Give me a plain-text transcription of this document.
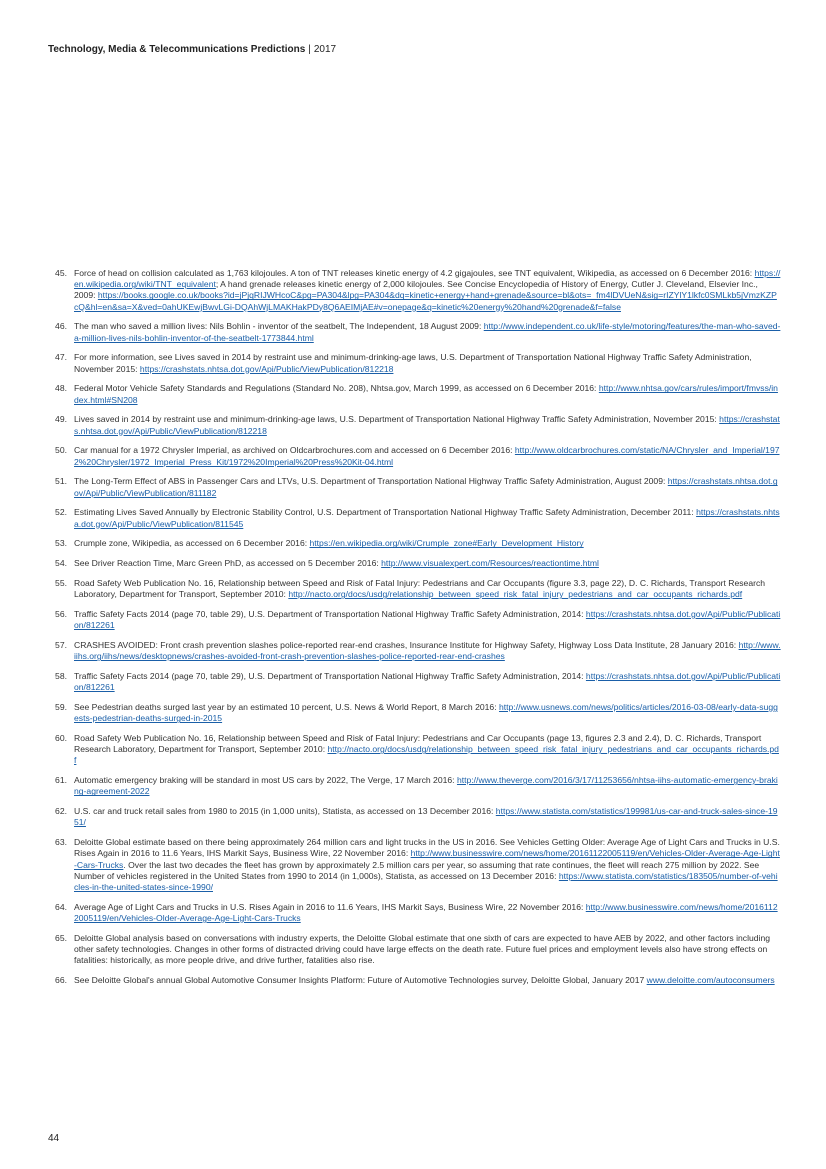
Technology, Media & Telecommunications Predictions | 2017
45. Force of head on collision calculated as 1,763 kilojoules. A ton of TNT releases kinetic energy of 4.2 gigajoules, see TNT equivalent, Wikipedia, as accessed on 6 December 2016: https://en.wikipedia.org/wiki/TNT_equivalent; A hand grenade releases kinetic energy of 2,000 kilojoules. See Concise Encyclopedia of History of Energy, Cutler J. Cleveland, Elsevier Inc., 2009: https://books.google.co.uk/books?id=jPjqRIJWHcoC&pg=PA304&lpg=PA304&dq=kinetic+energy+hand+grenade&source=bl&ots=_fm4lDVUeN&sig=rIZYlY1lkfc0SMLkb5jVmzKZPcQ&hl=en&sa=X&ved=0ahUKEwjBwvLGi-DQAhWjLMAKHakPDy8Q6AEIMjAE#v=onepage&q=kinetic%20energy%20hand%20grenade&f=false
46. The man who saved a million lives: Nils Bohlin - inventor of the seatbelt, The Independent, 18 August 2009: http://www.independent.co.uk/life-style/motoring/features/the-man-who-saved-a-million-lives-nils-bohlin-inventor-of-the-seatbelt-1773844.html
47. For more information, see Lives saved in 2014 by restraint use and minimum-drinking-age laws, U.S. Department of Transportation National Highway Traffic Safety Administration, November 2015: https://crashstats.nhtsa.dot.gov/Api/Public/ViewPublication/812218
48. Federal Motor Vehicle Safety Standards and Regulations (Standard No. 208), Nhtsa.gov, March 1999, as accessed on 6 December 2016: http://www.nhtsa.gov/cars/rules/import/fmvss/index.html#SN208
49. Lives saved in 2014 by restraint use and minimum-drinking-age laws, U.S. Department of Transportation National Highway Traffic Safety Administration, November 2015: https://crashstats.nhtsa.dot.gov/Api/Public/ViewPublication/812218
50. Car manual for a 1972 Chrysler Imperial, as archived on Oldcarbrochures.com and accessed on 6 December 2016: http://www.oldcarbrochures.com/static/NA/Chrysler_and_Imperial/1972%20Chrysler/1972_Imperial_Press_Kit/1972%20Imperial%20Press%20Kit-04.html
51. The Long-Term Effect of ABS in Passenger Cars and LTVs, U.S. Department of Transportation National Highway Traffic Safety Administration, August 2009: https://crashstats.nhtsa.dot.gov/Api/Public/ViewPublication/811182
52. Estimating Lives Saved Annually by Electronic Stability Control, U.S. Department of Transportation National Highway Traffic Safety Administration, December 2011: https://crashstats.nhtsa.dot.gov/Api/Public/ViewPublication/811545
53. Crumple zone, Wikipedia, as accessed on 6 December 2016: https://en.wikipedia.org/wiki/Crumple_zone#Early_Development_History
54. See Driver Reaction Time, Marc Green PhD, as accessed on 5 December 2016: http://www.visualexpert.com/Resources/reactiontime.html
55. Road Safety Web Publication No. 16, Relationship between Speed and Risk of Fatal Injury: Pedestrians and Car Occupants (figure 3.3, page 22), D. C. Richards, Transport Research Laboratory, Department for Transport, September 2010: http://nacto.org/docs/usdg/relationship_between_speed_risk_fatal_injury_pedestrians_and_car_occupants_richards.pdf
56. Traffic Safety Facts 2014 (page 70, table 29), U.S. Department of Transportation National Highway Traffic Safety Administration, 2014: https://crashstats.nhtsa.dot.gov/Api/Public/Publication/812261
57. CRASHES AVOIDED: Front crash prevention slashes police-reported rear-end crashes, Insurance Institute for Highway Safety, Highway Loss Data Institute, 28 January 2016: http://www.iihs.org/iihs/news/desktopnews/crashes-avoided-front-crash-prevention-slashes-police-reported-rear-end-crashes
58. Traffic Safety Facts 2014 (page 70, table 29), U.S. Department of Transportation National Highway Traffic Safety Administration, 2014: https://crashstats.nhtsa.dot.gov/Api/Public/Publication/812261
59. See Pedestrian deaths surged last year by an estimated 10 percent, U.S. News & World Report, 8 March 2016: http://www.usnews.com/news/politics/articles/2016-03-08/early-data-suggests-pedestrian-deaths-surged-in-2015
60. Road Safety Web Publication No. 16, Relationship between Speed and Risk of Fatal Injury: Pedestrians and Car Occupants (page 13, figures 2.3 and 2.4), D. C. Richards, Transport Research Laboratory, Department for Transport, September 2010: http://nacto.org/docs/usdg/relationship_between_speed_risk_fatal_injury_pedestrians_and_car_occupants_richards.pdf
61. Automatic emergency braking will be standard in most US cars by 2022, The Verge, 17 March 2016: http://www.theverge.com/2016/3/17/11253656/nhtsa-iihs-automatic-emergency-braking-agreement-2022
62. U.S. car and truck retail sales from 1980 to 2015 (in 1,000 units), Statista, as accessed on 13 December 2016: https://www.statista.com/statistics/199981/us-car-and-truck-sales-since-1951/
63. Deloitte Global estimate based on there being approximately 264 million cars and light trucks in the US in 2016. See Vehicles Getting Older: Average Age of Light Cars and Trucks in U.S. Rises Again in 2016 to 11.6 Years, IHS Markit Says, Business Wire, 22 November 2016: http://www.businesswire.com/news/home/20161122005119/en/Vehicles-Older-Average-Age-Light-Cars-Trucks. Over the last two decades the fleet has grown by approximately 2.5 million cars per year, so assuming that rate continues, the fleet will reach 275 million by 2022. See Number of vehicles registered in the United States from 1990 to 2014 (in 1,000s), Statista, as accessed on 13 December 2016: https://www.statista.com/statistics/183505/number-of-vehicles-in-the-united-states-since-1990/
64. Average Age of Light Cars and Trucks in U.S. Rises Again in 2016 to 11.6 Years, IHS Markit Says, Business Wire, 22 November 2016: http://www.businesswire.com/news/home/20161122005119/en/Vehicles-Older-Average-Age-Light-Cars-Trucks
65. Deloitte Global analysis based on conversations with industry experts, the Deloitte Global estimate that one sixth of cars are expected to have AEB by 2022, and other factors including other safety technologies. Changes in other forms of distracted driving could have large effects on the death rate. Future fuel prices and employment levels also have strong effects on fatalities: historically, as more people drive, and drive further, fatalities also rise.
66. See Deloitte Global's annual Global Automotive Consumer Insights Platform: Future of Automotive Technologies survey, Deloitte Global, January 2017 www.deloitte.com/autoconsumers
44
